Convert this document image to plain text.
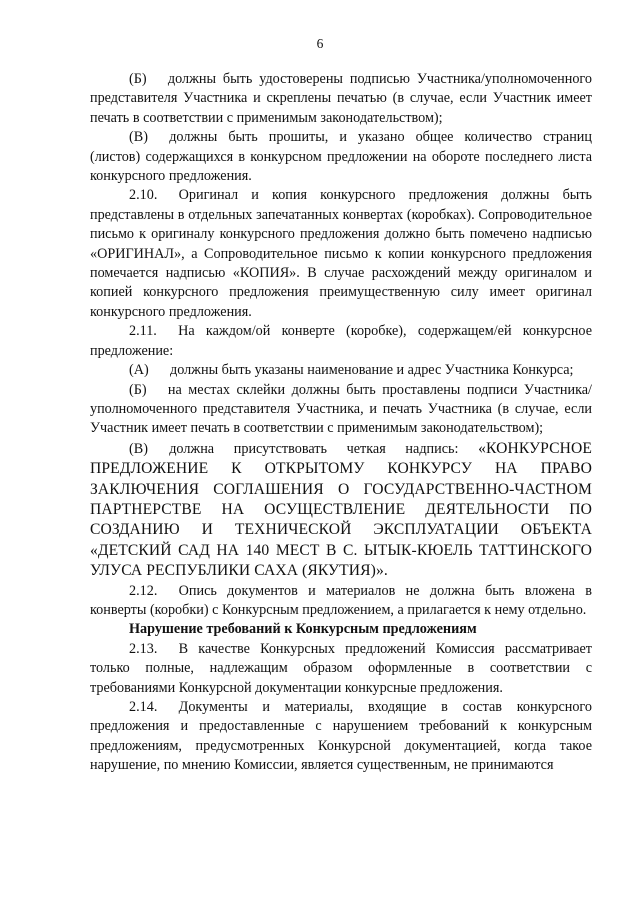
6

(Б)  должны быть удостоверены подписью Участника/уполномоченного представителя Участника и скреплены печатью (в случае, если Участник имеет печать в соответствии с применимым законодательством);

(В)  должны быть прошиты, и указано общее количество страниц (листов) содержащихся в конкурсном предложении на обороте последнего листа конкурсного предложения.

2.10.  Оригинал и копия конкурсного предложения должны быть представлены в отдельных запечатанных конвертах (коробках). Сопроводительное письмо к оригиналу конкурсного предложения должно быть помечено надписью «ОРИГИНАЛ», а Сопроводительное письмо к копии конкурсного предложения помечается надписью «КОПИЯ». В случае расхождений между оригиналом и копией конкурсного предложения преимущественную силу имеет оригинал конкурсного предложения.

2.11.  На каждом/ой конверте (коробке), содержащем/ей конкурсное предложение:

(А)  должны быть указаны наименование и адрес Участника Конкурса;

(Б)  на местах склейки должны быть проставлены подписи Участника/уполномоченного представителя Участника, и печать Участника (в случае, если Участник имеет печать в соответствии с применимым законодательством);

(В)  должна присутствовать четкая надпись: «КОНКУРСНОЕ ПРЕДЛОЖЕНИЕ К ОТКРЫТОМУ КОНКУРСУ НА ПРАВО ЗАКЛЮЧЕНИЯ СОГЛАШЕНИЯ О ГОСУДАРСТВЕННО-ЧАСТНОМ ПАРТНЕРСТВЕ НА ОСУЩЕСТВЛЕНИЕ ДЕЯТЕЛЬНОСТИ ПО СОЗДАНИЮ И ТЕХНИЧЕСКОЙ ЭКСПЛУАТАЦИИ ОБЪЕКТА «ДЕТСКИЙ САД НА 140 МЕСТ В С. ЫТЫК-КЮЕЛЬ ТАТТИНСКОГО УЛУСА РЕСПУБЛИКИ САХА (ЯКУТИЯ)».

2.12.  Опись документов и материалов не должна быть вложена в конверты (коробки) с Конкурсным предложением, а прилагается к нему отдельно.

Нарушение требований к Конкурсным предложениям

2.13.  В качестве Конкурсных предложений Комиссия рассматривает только полные, надлежащим образом оформленные в соответствии с требованиями Конкурсной документации конкурсные предложения.

2.14.  Документы и материалы, входящие в состав конкурсного предложения и предоставленные с нарушением требований к конкурсным предложениям, предусмотренных Конкурсной документацией, когда такое нарушение, по мнению Комиссии, является существенным, не принимаются
